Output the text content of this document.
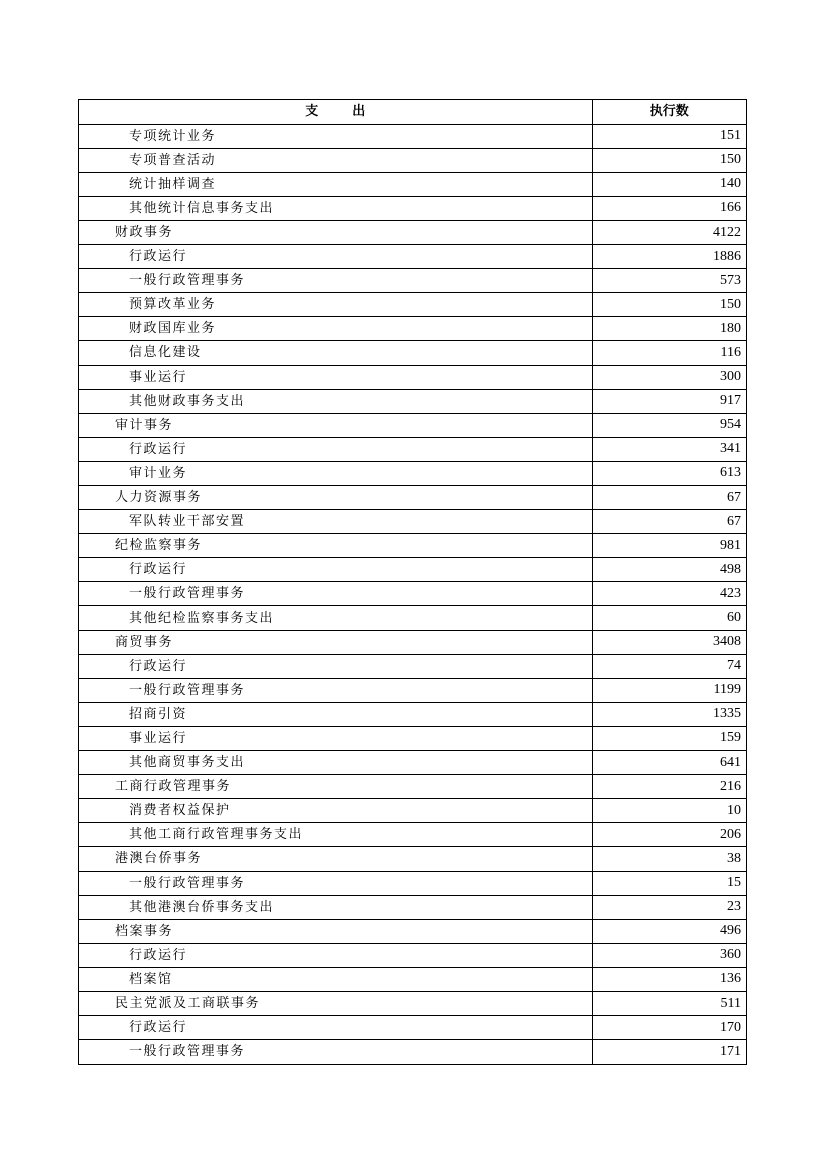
支 出	执行数
专项统计业务	151
专项普查活动	150
统计抽样调查	140
其他统计信息事务支出	166
财政事务	4122
行政运行	1886
一般行政管理事务	573
预算改革业务	150
财政国库业务	180
信息化建设	116
事业运行	300
其他财政事务支出	917
审计事务	954
行政运行	341
审计业务	613
人力资源事务	67
军队转业干部安置	67
纪检监察事务	981
行政运行	498
一般行政管理事务	423
其他纪检监察事务支出	60
商贸事务	3408
行政运行	74
一般行政管理事务	1199
招商引资	1335
事业运行	159
其他商贸事务支出	641
工商行政管理事务	216
消费者权益保护	10
其他工商行政管理事务支出	206
港澳台侨事务	38
一般行政管理事务	15
其他港澳台侨事务支出	23
档案事务	496
行政运行	360
档案馆	136
民主党派及工商联事务	511
行政运行	170
一般行政管理事务	171
